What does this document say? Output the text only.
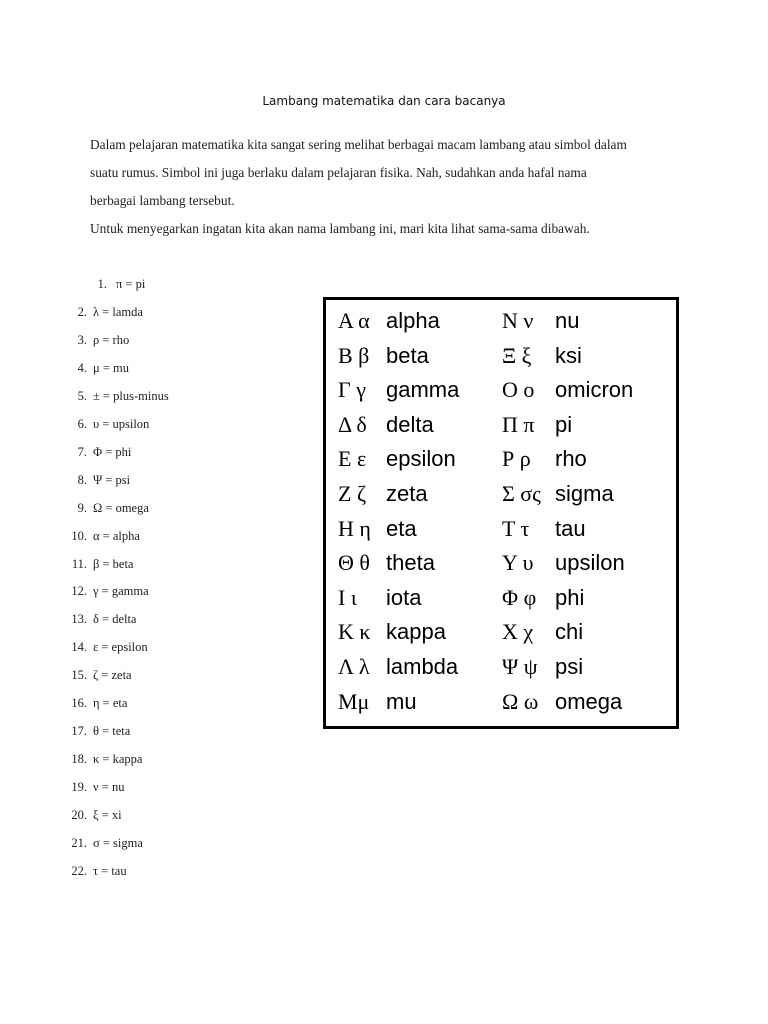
Lambang matematika dan cara bacanya
Dalam pelajaran matematika kita sangat sering melihat berbagai macam lambang atau simbol dalam
suatu rumus. Simbol ini juga berlaku dalam pelajaran fisika. Nah, sudahkan anda hafal nama
berbagai lambang tersebut.
Untuk menyegarkan ingatan kita akan nama lambang ini, mari kita lihat sama-sama dibawah.
1. π = pi
2. λ = lamda
3. ρ = rho
4. μ = mu
5. ± = plus-minus
6. υ = upsilon
7. Φ = phi
8. Ψ = psi
9. Ω = omega
10. α = alpha
11. β = beta
12. γ = gamma
13. δ = delta
14. ε = epsilon
15. ζ = zeta
16. η = eta
17. θ = teta
18. κ = kappa
19. ν = nu
20. ξ = xi
21. σ = sigma
22. τ = tau
Α α alpha
Β β beta
Γ γ gamma
Δ δ delta
Ε ε epsilon
Ζ ζ zeta
Η η eta
Θ θ theta
Ι ι iota
Κ κ kappa
Λ λ lambda
Μμ mu
Ν ν nu
Ξ ξ ksi
Ο ο omicron
Π π pi
Ρ ρ rho
Σ σς sigma
Τ τ tau
Υ υ upsilon
Φ φ phi
Χ χ chi
Ψ ψ psi
Ω ω omega
